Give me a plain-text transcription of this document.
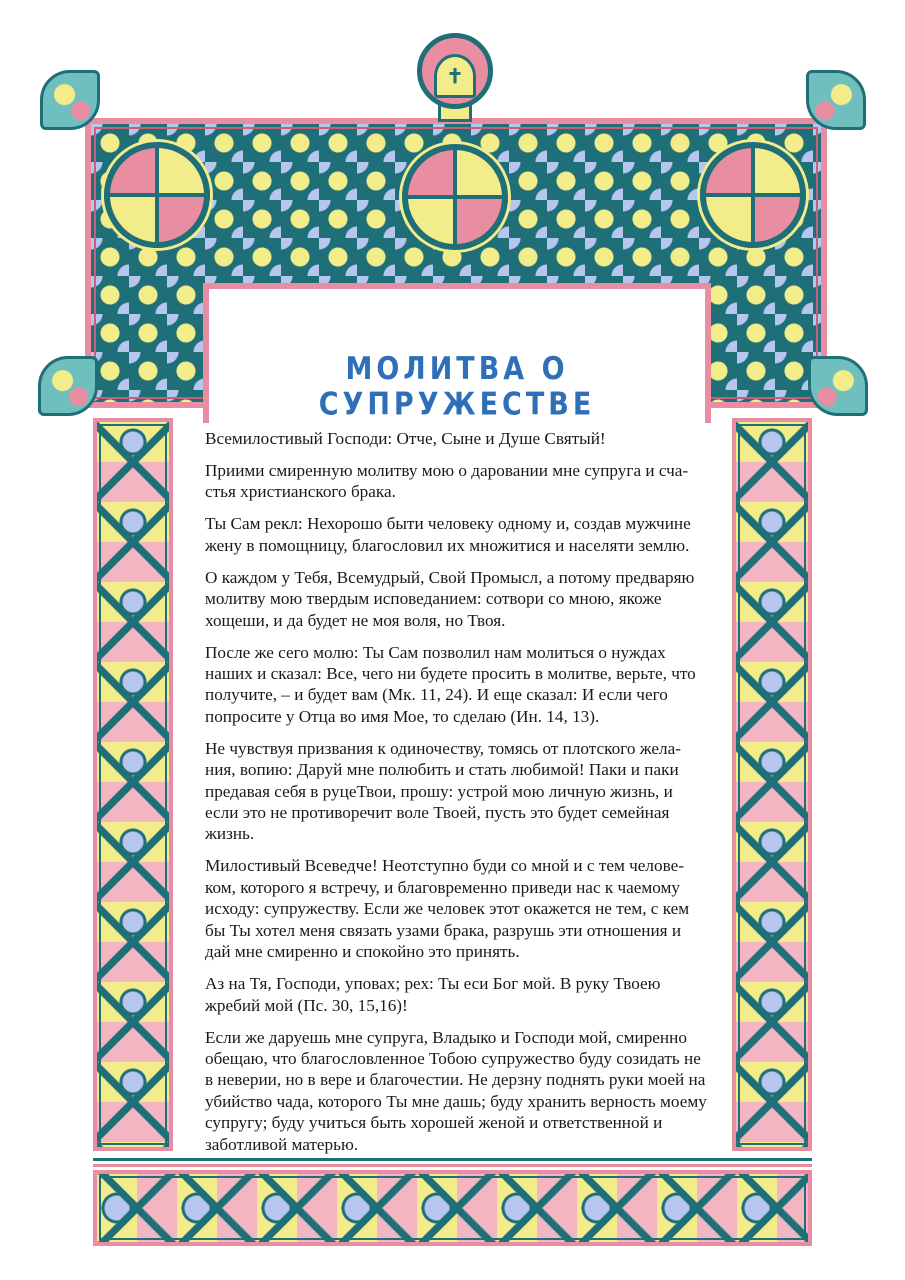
✝
МОЛИТВА О СУПРУЖЕСТВЕ

Всемилостивый Господи: Отче, Сыне и Душе Святый!

Приими смиренную молитву мою о даровании мне супруга и сча-стья христианского брака.

Ты Сам рекл: Нехорошо быти человеку одному и, создав мужчине жену в помощницу, благословил их множитися и населяти землю.

О каждом у Тебя, Всемудрый, Свой Промысл, а потому предваряю молитву мою твердым исповеданием: сотвори со мною, якоже хощеши, и да будет не моя воля, но Твоя.

После же сего молю: Ты Сам позволил нам молиться о нуждах наших и сказал: Все, чего ни будете просить в молитве, верьте, что получите, – и будет вам (Мк. 11, 24). И еще сказал: И если чего попросите у Отца во имя Мое, то сделаю (Ин. 14, 13).

Не чувствуя призвания к одиночеству, томясь от плотского жела-ния, вопию: Даруй мне полюбить и стать любимой! Паки и паки предавая себя в руцеТвои, прошу: устрой мою личную жизнь, и если это не противоречит воле Твоей, пусть это будет семейная жизнь.

Милостивый Всеведче! Неотступно буди со мной и с тем челове-ком, которого я встречу, и благовременно приведи нас к чаемому исходу: супружеству. Если же человек этот окажется не тем, с кем бы Ты хотел меня связать узами брака, разрушь эти отношения и дай мне смиренно и спокойно это принять.

Аз на Тя, Господи, уповах; рех: Ты еси Бог мой. В руку Твоею жребий мой (Пс. 30, 15,16)!

Если же даруешь мне супруга, Владыко и Господи мой, смиренно обещаю, что благословленное Тобою супружество буду созидать не в неверии, но в вере и благочестии. Не дерзну поднять руки моей на убийство чада, которого Ты мне дашь; буду хранить верность моему супругу; буду учиться быть хорошей женой и ответственной и заботливой матерью.
